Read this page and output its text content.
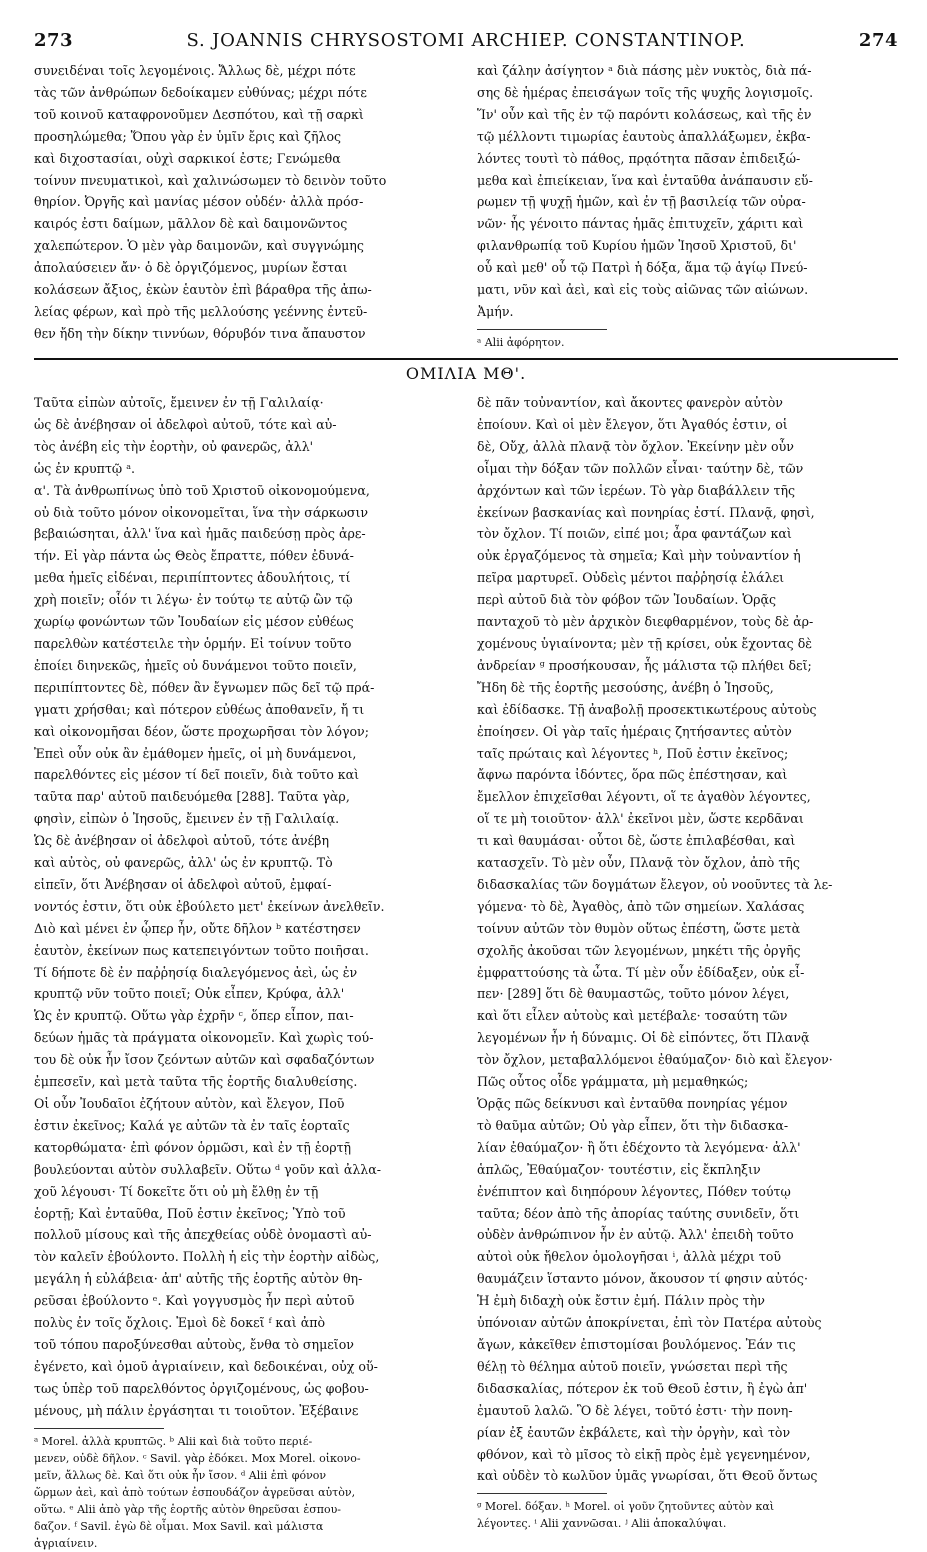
273	S. JOANNIS CHRYSOSTOMI ARCHIEP. CONSTANTINOP.	274
συνειδέναι τοῖς λεγομένοις. Ἄλλως δὲ, μέχρι πότε
τὰς τῶν ἀνθρώπων δεδοίκαμεν εὐθύνας; μέχρι πότε
τοῦ κοινοῦ καταφρονοῦμεν Δεσπότου, καὶ τῇ σαρκὶ
προσηλώμεθα; Ὅπου γὰρ ἐν ὑμῖν ἔρις καὶ ζῆλος
καὶ διχοστασίαι, οὐχὶ σαρκικοί ἐστε; Γενώμεθα
τοίνυν πνευματικοὶ, καὶ χαλινώσωμεν τὸ δεινὸν τοῦτο
θηρίον. Ὀργῆς καὶ μανίας μέσον οὐδέν· ἀλλὰ πρόσ-
καιρός ἐστι δαίμων, μᾶλλον δὲ καὶ δαιμονῶντος
χαλεπώτερον. Ὁ μὲν γὰρ δαιμονῶν, καὶ συγγνώμης
ἀπολαύσειεν ἄν· ὁ δὲ ὀργιζόμενος, μυρίων ἔσται
κολάσεων ἄξιος, ἑκὼν ἑαυτὸν ἐπὶ βάραθρα τῆς ἀπω-
λείας φέρων, καὶ πρὸ τῆς μελλούσης γεέννης ἐντεῦ-
θεν ἤδη τὴν δίκην τιννύων, θόρυβόν τινα ἄπαυστον
καὶ ζάλην ἀσίγητον ᵃ διὰ πάσης μὲν νυκτὸς, διὰ πά-
σης δὲ ἡμέρας ἐπεισάγων τοῖς τῆς ψυχῆς λογισμοῖς.
Ἵν' οὖν καὶ τῆς ἐν τῷ παρόντι κολάσεως, καὶ τῆς ἐν
τῷ μέλλοντι τιμωρίας ἑαυτοὺς ἀπαλλάξωμεν, ἐκβα-
λόντες τουτὶ τὸ πάθος, πρᾳότητα πᾶσαν ἐπιδειξώ-
μεθα καὶ ἐπιείκειαν, ἵνα καὶ ἐνταῦθα ἀνάπαυσιν εὕ-
ρωμεν τῇ ψυχῇ ἡμῶν, καὶ ἐν τῇ βασιλείᾳ τῶν οὐρα-
νῶν· ἧς γένοιτο πάντας ἡμᾶς ἐπιτυχεῖν, χάριτι καὶ
φιλανθρωπίᾳ τοῦ Κυρίου ἡμῶν Ἰησοῦ Χριστοῦ, δι'
οὗ καὶ μεθ' οὗ τῷ Πατρὶ ἡ δόξα, ἅμα τῷ ἁγίῳ Πνεύ-
ματι, νῦν καὶ ἀεὶ, καὶ εἰς τοὺς αἰῶνας τῶν αἰώνων.
Ἀμήν.
ᵃ Alii ἀφόρητον.
ΟΜΙΛΙΑ ΜΘ'.
Ταῦτα εἰπὼν αὐτοῖς, ἔμεινεν ἐν τῇ Γαλιλαίᾳ·
ὡς δὲ ἀνέβησαν οἱ ἀδελφοὶ αὐτοῦ, τότε καὶ αὐ-
τὸς ἀνέβη εἰς τὴν ἑορτὴν, οὐ φανερῶς, ἀλλ'
ὡς ἐν κρυπτῷ ᵃ.
α'. Τὰ ἀνθρωπίνως ὑπὸ τοῦ Χριστοῦ οἰκονομούμενα,
οὐ διὰ τοῦτο μόνον οἰκονομεῖται, ἵνα τὴν σάρκωσιν
βεβαιώσηται, ἀλλ' ἵνα καὶ ἡμᾶς παιδεύσῃ πρὸς ἀρε-
τήν. Εἰ γὰρ πάντα ὡς Θεὸς ἔπραττε, πόθεν ἐδυνά-
μεθα ἡμεῖς εἰδέναι, περιπίπτοντες ἀδουλήτοις, τί
χρὴ ποιεῖν; οἷόν τι λέγω· ἐν τούτῳ τε αὐτῷ ὢν τῷ
χωρίῳ φονώντων τῶν Ἰουδαίων εἰς μέσον εὐθέως
παρελθὼν κατέστειλε τὴν ὁρμήν. Εἰ τοίνυν τοῦτο
ἐποίει διηνεκῶς, ἡμεῖς οὐ δυνάμενοι τοῦτο ποιεῖν,
περιπίπτοντες δὲ, πόθεν ἂν ἔγνωμεν πῶς δεῖ τῷ πρά-
γματι χρήσθαι; καὶ πότερον εὐθέως ἀποθανεῖν, ἤ τι
καὶ οἰκονομῆσαι δέον, ὥστε προχωρῆσαι τὸν λόγον;
Ἐπεὶ οὖν οὐκ ἂν ἐμάθομεν ἡμεῖς, οἱ μὴ δυνάμενοι,
παρελθόντες εἰς μέσον τί δεῖ ποιεῖν, διὰ τοῦτο καὶ
ταῦτα παρ' αὐτοῦ παιδευόμεθα [288]. Ταῦτα γὰρ,
φησὶν, εἰπὼν ὁ Ἰησοῦς, ἔμεινεν ἐν τῇ Γαλιλαίᾳ.
Ὡς δὲ ἀνέβησαν οἱ ἀδελφοὶ αὐτοῦ, τότε ἀνέβη
καὶ αὐτὸς, οὐ φανερῶς, ἀλλ' ὡς ἐν κρυπτῷ. Τὸ
εἰπεῖν, ὅτι Ἀνέβησαν οἱ ἀδελφοὶ αὐτοῦ, ἐμφαί-
νοντός ἐστιν, ὅτι οὐκ ἐβούλετο μετ' ἐκείνων ἀνελθεῖν.
Διὸ καὶ μένει ἐν ᾧπερ ἦν, οὔτε δῆλον ᵇ κατέστησεν
ἑαυτὸν, ἐκείνων πως κατεπειγόντων τοῦτο ποιῆσαι.
Τί δήποτε δὲ ἐν παῤῥησίᾳ διαλεγόμενος ἀεὶ, ὡς ἐν
κρυπτῷ νῦν τοῦτο ποιεῖ; Οὐκ εἶπεν, Κρύφα, ἀλλ'
Ὡς ἐν κρυπτῷ. Οὕτω γὰρ ἐχρῆν ᶜ, ὅπερ εἶπον, παι-
δεύων ἡμᾶς τὰ πράγματα οἰκονομεῖν. Καὶ χωρὶς τού-
του δὲ οὐκ ἦν ἴσον ζεόντων αὐτῶν καὶ σφαδαζόντων
ἐμπεσεῖν, καὶ μετὰ ταῦτα τῆς ἑορτῆς διαλυθείσης.
Οἱ οὖν Ἰουδαῖοι ἐζήτουν αὐτὸν, καὶ ἔλεγον, Ποῦ
ἐστιν ἐκεῖνος; Καλά γε αὐτῶν τὰ ἐν ταῖς ἑορταῖς
κατορθώματα· ἐπὶ φόνον ὁρμῶσι, καὶ ἐν τῇ ἑορτῇ
βουλεύονται αὐτὸν συλλαβεῖν. Οὕτω ᵈ γοῦν καὶ ἀλλα-
χοῦ λέγουσι· Τί δοκεῖτε ὅτι οὐ μὴ ἔλθῃ ἐν τῇ
ἑορτῇ; Καὶ ἐνταῦθα, Ποῦ ἐστιν ἐκεῖνος; Ὑπὸ τοῦ
πολλοῦ μίσους καὶ τῆς ἀπεχθείας οὐδὲ ὀνομαστὶ αὐ-
τὸν καλεῖν ἐβούλοντο. Πολλὴ ἡ εἰς τὴν ἑορτὴν αἰδὼς,
μεγάλη ἡ εὐλάβεια· ἀπ' αὐτῆς τῆς ἑορτῆς αὐτὸν θη-
ρεῦσαι ἐβούλοντο ᵉ. Καὶ γογγυσμὸς ἦν περὶ αὐτοῦ
πολὺς ἐν τοῖς ὄχλοις. Ἐμοὶ δὲ δοκεῖ ᶠ καὶ ἀπὸ
τοῦ τόπου παροξύνεσθαι αὐτοὺς, ἔνθα τὸ σημεῖον
ἐγένετο, καὶ ὁμοῦ ἀγριαίνειν, καὶ δεδοικέναι, οὐχ οὕ-
τως ὑπὲρ τοῦ παρελθόντος ὀργιζομένους, ὡς φοβου-
μένους, μὴ πάλιν ἐργάσηται τι τοιοῦτον. Ἐξέβαινε
ᵃ Morel. ἀλλὰ κρυπτῶς. ᵇ Alii καὶ διὰ τοῦτο περιέ-
μενεν, οὐδὲ δῆλον. ᶜ Savil. γὰρ ἐδόκει. Mox Morel. οἰκονο-
μεῖν, ἄλλως δὲ. Καὶ ὅτι οὐκ ἦν ἴσον. ᵈ Alii ἐπὶ φόνον
ὥρμων ἀεὶ, καὶ ἀπὸ τούτων ἐσπουδάζον ἀγρεῦσαι αὐτὸν,
οὕτω. ᵉ Alii ἀπὸ γὰρ τῆς ἑορτῆς αὐτὸν θηρεῦσαι ἐσπου-
δαζον. ᶠ Savil. ἐγὼ δὲ οἶμαι. Mox Savil. καὶ μάλιστα
ἀγριαίνειν.
δὲ πᾶν τοὐναντίον, καὶ ἄκοντες φανερὸν αὐτὸν
ἐποίουν. Καὶ οἱ μὲν ἔλεγον, ὅτι Ἀγαθός ἐστιν, οἱ
δὲ, Οὔχ, ἀλλὰ πλανᾷ τὸν ὄχλον. Ἐκείνην μὲν οὖν
οἶμαι τὴν δόξαν τῶν πολλῶν εἶναι· ταύτην δὲ, τῶν
ἀρχόντων καὶ τῶν ἱερέων. Τὸ γὰρ διαβάλλειν τῆς
ἐκείνων βασκανίας καὶ πονηρίας ἐστί. Πλανᾷ, φησὶ,
τὸν ὄχλον. Τί ποιῶν, εἰπέ μοι; ἆρα φαντάζων καὶ
οὐκ ἐργαζόμενος τὰ σημεῖα; Καὶ μὴν τοὐναντίον ἡ
πεῖρα μαρτυρεῖ. Οὐδεὶς μέντοι παῤῥησίᾳ ἐλάλει
περὶ αὐτοῦ διὰ τὸν φόβον τῶν Ἰουδαίων. Ὁρᾷς
πανταχοῦ τὸ μὲν ἀρχικὸν διεφθαρμένον, τοὺς δὲ ἀρ-
χομένους ὑγιαίνοντα; μὲν τῇ κρίσει, οὐκ ἔχοντας δὲ
ἀνδρείαν ᵍ προσήκουσαν, ἧς μάλιστα τῷ πλήθει δεῖ;
Ἤδη δὲ τῆς ἑορτῆς μεσούσης, ἀνέβη ὁ Ἰησοῦς,
καὶ ἐδίδασκε. Τῇ ἀναβολῇ προσεκτικωτέρους αὐτοὺς
ἐποίησεν. Οἱ γὰρ ταῖς ἡμέραις ζητήσαντες αὐτὸν
ταῖς πρώταις καὶ λέγοντες ʰ, Ποῦ ἐστιν ἐκεῖνος;
ἄφνω παρόντα ἰδόντες, ὅρα πῶς ἐπέστησαν, καὶ
ἔμελλον ἐπιχεῖσθαι λέγοντι, οἵ τε ἀγαθὸν λέγοντες,
οἵ τε μὴ τοιοῦτον· ἀλλ' ἐκεῖνοι μὲν, ὥστε κερδᾶναι
τι καὶ θαυμάσαι· οὗτοι δὲ, ὥστε ἐπιλαβέσθαι, καὶ
κατασχεῖν. Τὸ μὲν οὖν, Πλανᾷ τὸν ὄχλον, ἀπὸ τῆς
διδασκαλίας τῶν δογμάτων ἔλεγον, οὐ νοοῦντες τὰ λε-
γόμενα· τὸ δὲ, Ἀγαθὸς, ἀπὸ τῶν σημείων. Χαλάσας
τοίνυν αὐτῶν τὸν θυμὸν οὕτως ἐπέστη, ὥστε μετὰ
σχολῆς ἀκοῦσαι τῶν λεγομένων, μηκέτι τῆς ὀργῆς
ἐμφραττούσης τὰ ὦτα. Τί μὲν οὖν ἐδίδαξεν, οὐκ εἶ-
πεν· [289] ὅτι δὲ θαυμαστῶς, τοῦτο μόνον λέγει,
καὶ ὅτι εἷλεν αὐτοὺς καὶ μετέβαλε· τοσαύτη τῶν
λεγομένων ἦν ἡ δύναμις. Οἱ δὲ εἰπόντες, ὅτι Πλανᾷ
τὸν ὄχλον, μεταβαλλόμενοι ἐθαύμαζον· διὸ καὶ ἔλεγον·
Πῶς οὗτος οἶδε γράμματα, μὴ μεμαθηκώς;
Ὁρᾷς πῶς δείκνυσι καὶ ἐνταῦθα πονηρίας γέμον
τὸ θαῦμα αὐτῶν; Οὐ γὰρ εἶπεν, ὅτι τὴν διδασκα-
λίαν ἐθαύμαζον· ἢ ὅτι ἐδέχοντο τὰ λεγόμενα· ἀλλ'
ἁπλῶς, Ἐθαύμαζον· τουτέστιν, εἰς ἔκπληξιν
ἐνέπιπτον καὶ διηπόρουν λέγοντες, Πόθεν τούτῳ
ταῦτα; δέον ἀπὸ τῆς ἀπορίας ταύτης συνιδεῖν, ὅτι
οὐδὲν ἀνθρώπινον ἦν ἐν αὐτῷ. Ἀλλ' ἐπειδὴ τοῦτο
αὐτοὶ οὐκ ἤθελον ὁμολογῆσαι ⁱ, ἀλλὰ μέχρι τοῦ
θαυμάζειν ἵσταντο μόνον, ἄκουσον τί φησιν αὐτός·
Ἡ ἐμὴ διδαχὴ οὐκ ἔστιν ἐμή. Πάλιν πρὸς τὴν
ὑπόνοιαν αὐτῶν ἀποκρίνεται, ἐπὶ τὸν Πατέρα αὐτοὺς
ἄγων, κἀκεῖθεν ἐπιστομίσαι βουλόμενος. Ἐάν τις
θέλῃ τὸ θέλημα αὐτοῦ ποιεῖν, γνώσεται περὶ τῆς
διδασκαλίας, πότερον ἐκ τοῦ Θεοῦ ἐστιν, ἢ ἐγὼ ἀπ'
ἐμαυτοῦ λαλῶ. Ὃ δὲ λέγει, τοῦτό ἐστι· τὴν πονη-
ρίαν ἐξ ἑαυτῶν ἐκβάλετε, καὶ τὴν ὀργὴν, καὶ τὸν
φθόνον, καὶ τὸ μῖσος τὸ εἰκῇ πρὸς ἐμὲ γεγενημένον,
καὶ οὐδὲν τὸ κωλῦον ὑμᾶς γνωρίσαι, ὅτι Θεοῦ ὄντως
ᵍ Morel. δόξαν. ʰ Morel. οἱ γοῦν ζητοῦντες αὐτὸν καὶ
λέγοντες. ⁱ Alii χαννῶσαι. ʲ Alii ἀποκαλύψαι.
